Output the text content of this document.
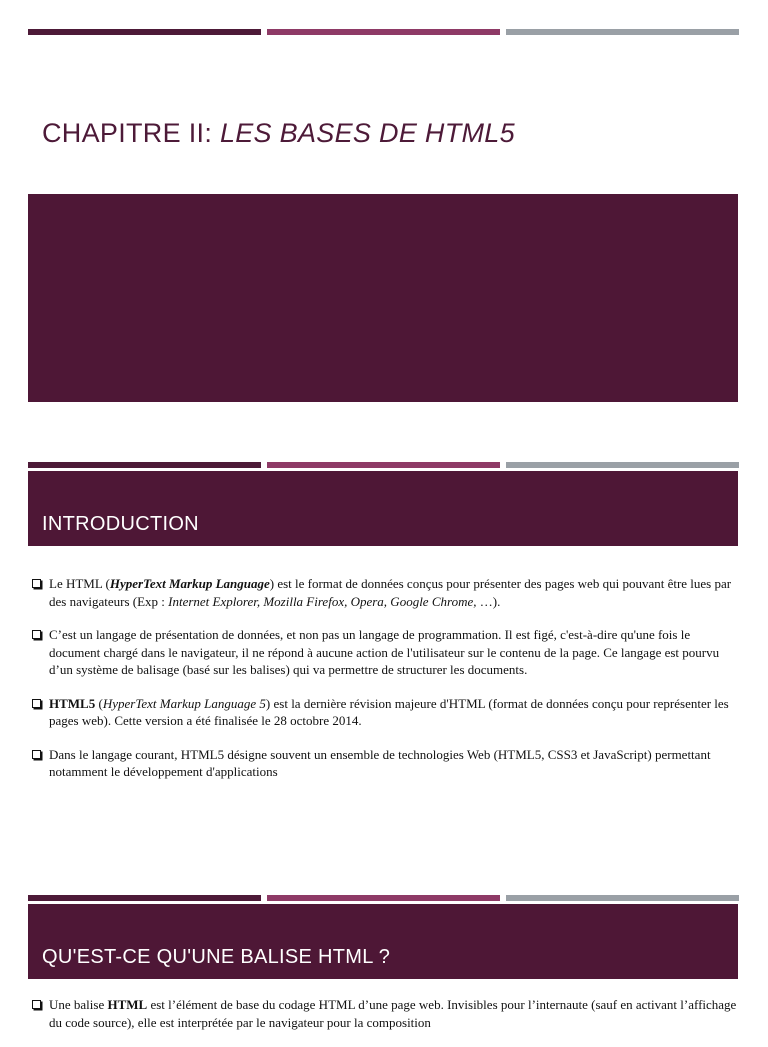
CHAPITRE II: LES BASES DE HTML5
INTRODUCTION
Le HTML (HyperText Markup Language) est le format de données conçus pour présenter des pages web qui pouvant être lues par des navigateurs (Exp : Internet Explorer, Mozilla Firefox, Opera, Google Chrome, …).
C’est un langage de présentation de données, et non pas un langage de programmation. Il est figé, c'est-à-dire qu'une fois le document chargé dans le navigateur, il ne répond à aucune action de l'utilisateur sur le contenu de la page. Ce langage est pourvu d’un système de balisage (basé sur les balises) qui va permettre de structurer les documents.
HTML5 (HyperText Markup Language 5) est la dernière révision majeure d'HTML (format de données conçu pour représenter les pages web). Cette version a été finalisée le 28 octobre 2014.
Dans le langage courant, HTML5 désigne souvent un ensemble de technologies Web (HTML5, CSS3 et JavaScript) permettant notamment le développement d'applications
QU'EST-CE QU'UNE BALISE HTML ?
Une balise HTML est l’élément de base du codage HTML d’une page web. Invisibles pour l’internaute (sauf en activant l’affichage du code source), elle est interprétée par le navigateur pour la composition
